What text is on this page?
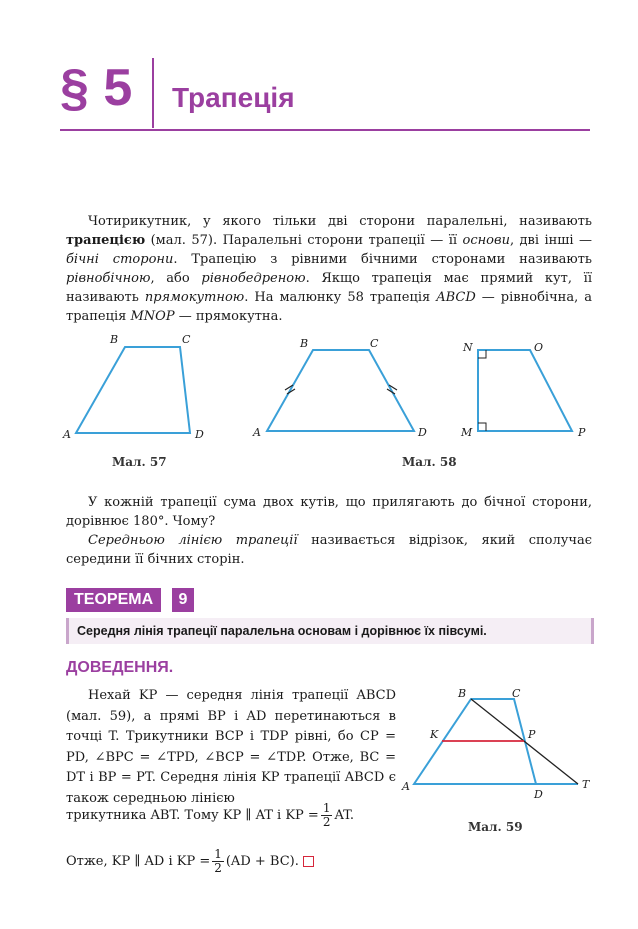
§ 5 Трапеція

Чотирикутник, у якого тільки дві сторони паралельні, називають трапецією (мал. 57). Паралельні сторони трапеції — її основи, дві інші — бічні сторони. Трапецію з рівними бічними сторонами називають рівнобічною, або рівнобедреною. Якщо трапеція має прямий кут, її називають прямокутною. На малюнку 58 трапеція ABCD — рівнобічна, а трапеція MNOP — прямокутна.

A
B	C
D	A
B	C
D
N	O
M	P
Мал. 57	Мал. 58

У кожній трапеції сума двох кутів, що прилягають до бічної сторони, дорівнює 180°. Чому?

Середньою лінією трапеції називається відрізок, який сполучає середини її бічних сторін.

ТЕОРЕМА	9
Середня лінія трапеції паралельна основам і дорівнює їх півсумі.
ДОВЕДЕННЯ.

Нехай KP — середня лінія трапеції ABCD (мал. 59), а прямі BP і AD перетинаються в точці T. Трикутники BCP і TDP рівні, бо CP = PD, ∠BPC = ∠TPD, ∠BCP = ∠TDP. Отже, BC = DT і BP = PT. Середня лінія KP трапеції ABCD є також середньою лінією

трикутника ABT. Тому KP ∥ AT і KP = $\frac{1}{2}$ AT.
Отже, KP ∥ AD і KP = $\frac{1}{2} (AD + BC)$.
A
B	C
D
K	P
T
Мал. 59
